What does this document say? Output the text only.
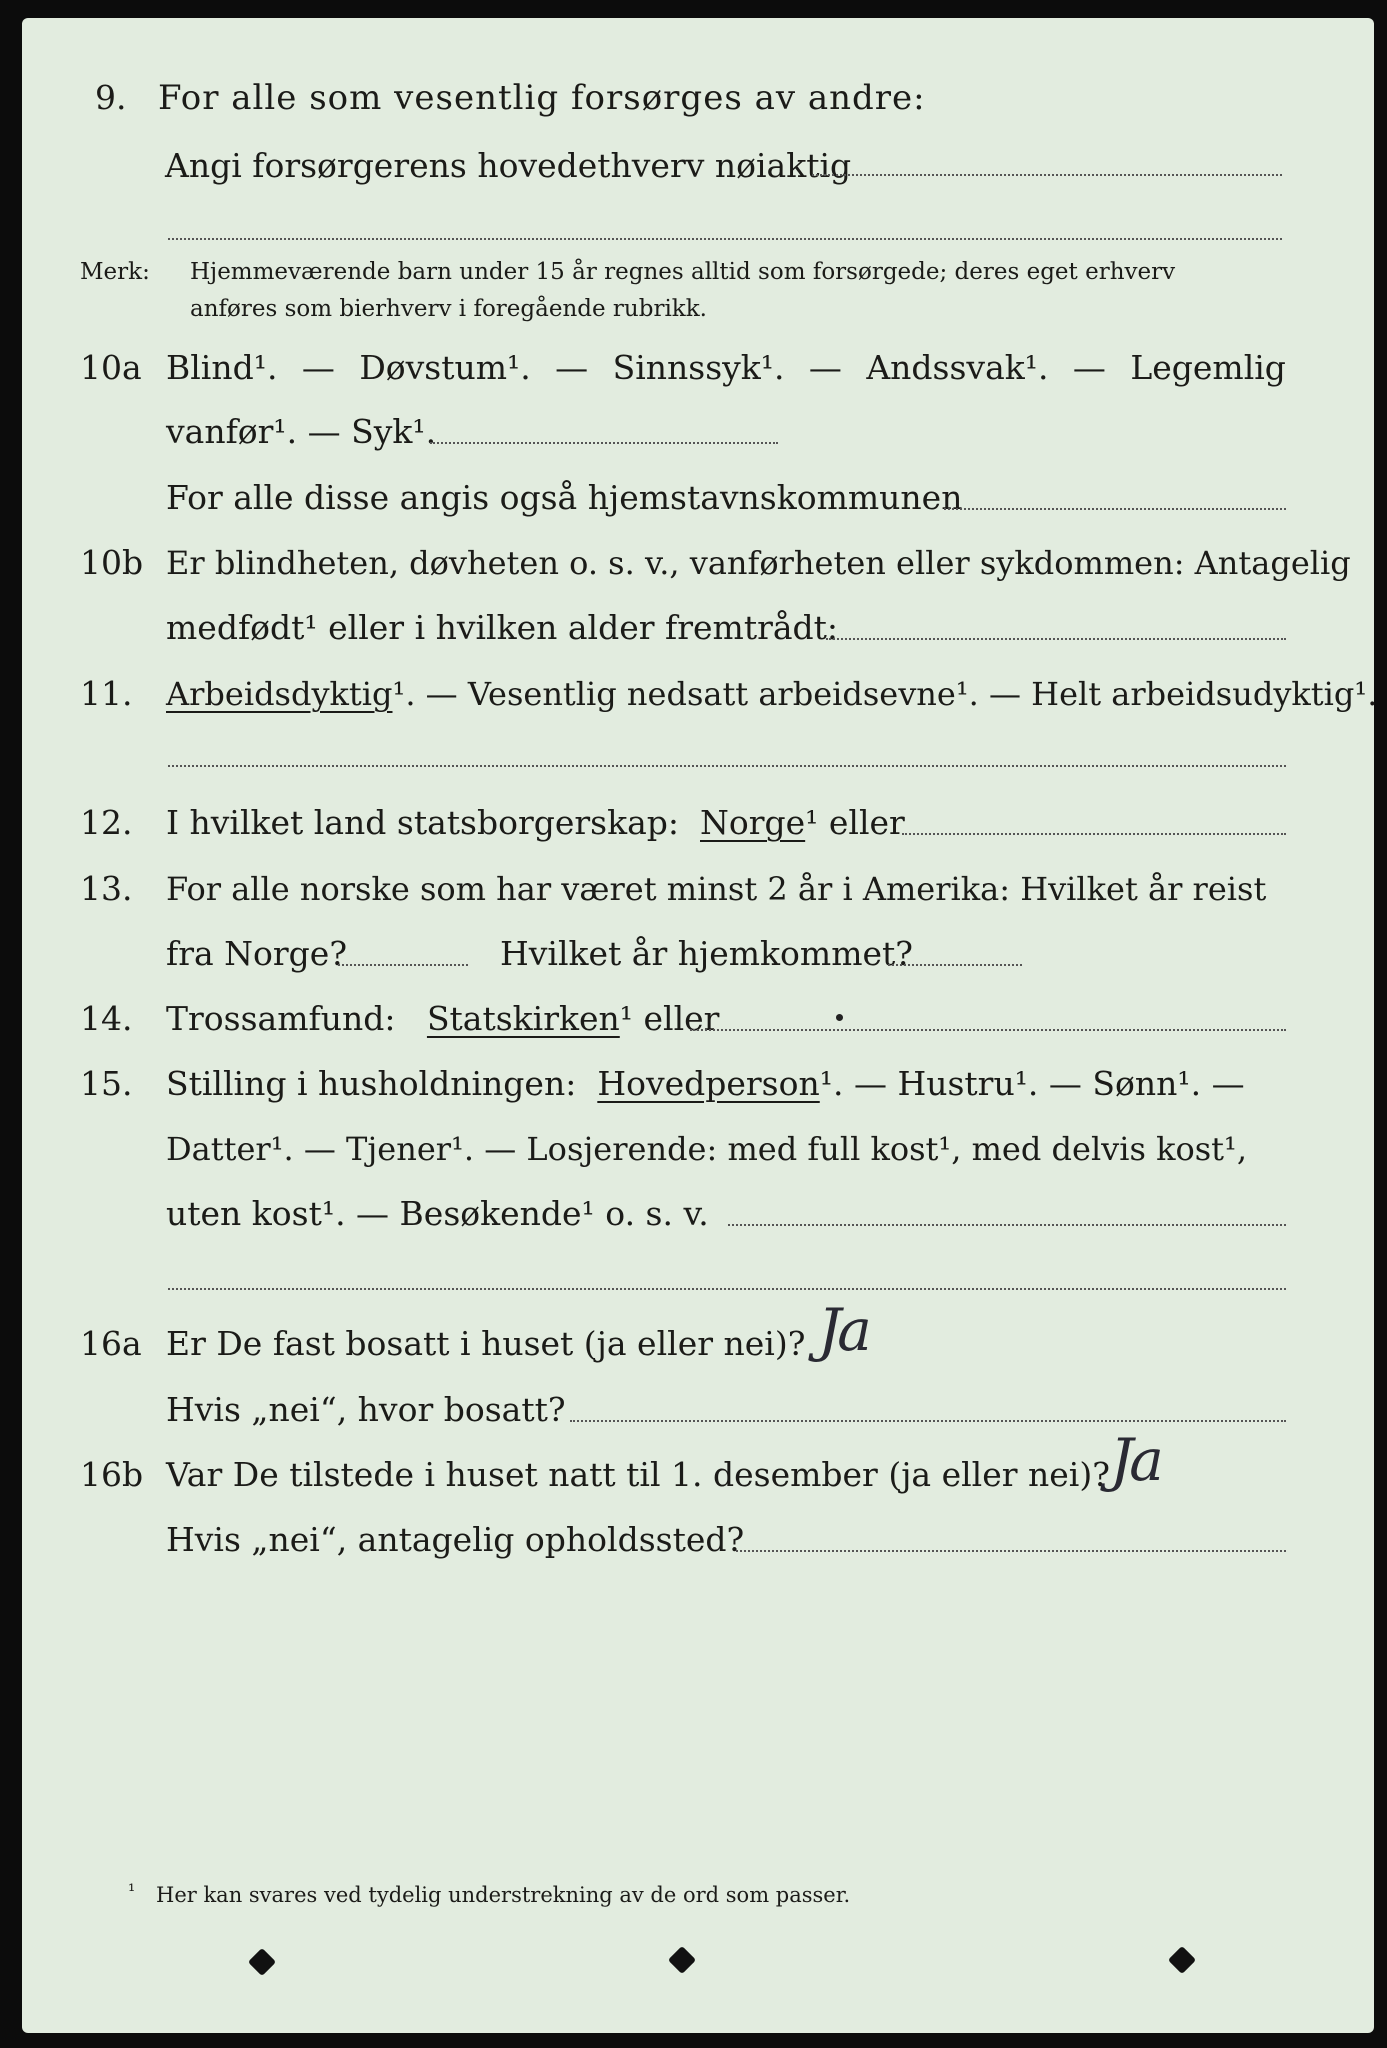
9. For alle som vesentlig forsørges av andre:
Angi forsørgerens hovedethverv nøiaktig
Merk: Hjemmeværende barn under 15 år regnes alltid som forsørgede; deres eget erhverv
anføres som bierhverv i foregående rubrikk.
10a Blind¹. — Døvstum¹. — Sinnssyk¹. — Andssvak¹. — Legemlig
vanfør¹. — Syk¹.
For alle disse angis også hjemstavnskommunen
10b Er blindheten, døvheten o. s. v., vanførheten eller sykdommen: Antagelig
medfødt¹ eller i hvilken alder fremtrådt:
11. Arbeidsdyktig¹. — Vesentlig nedsatt arbeidsevne¹. — Helt arbeidsudyktig¹.
12. I hvilket land statsborgerskap: Norge¹ eller
13. For alle norske som har været minst 2 år i Amerika: Hvilket år reist
fra Norge?	Hvilket år hjemkommet?
14. Trossamfund: Statskirken¹ eller
15. Stilling i husholdningen: Hovedperson¹. — Hustru¹. — Sønn¹. —
Datter¹. — Tjener¹. — Losjerende: med full kost¹, med delvis kost¹,
uten kost¹. — Besøkende¹ o. s. v.
16a Er De fast bosatt i huset (ja eller nei)? Ja
Hvis „nei“, hvor bosatt?
16b Var De tilstede i huset natt til 1. desember (ja eller nei)? Ja
Hvis „nei“, antagelig opholdssted?
¹ Her kan svares ved tydelig understrekning av de ord som passer.
